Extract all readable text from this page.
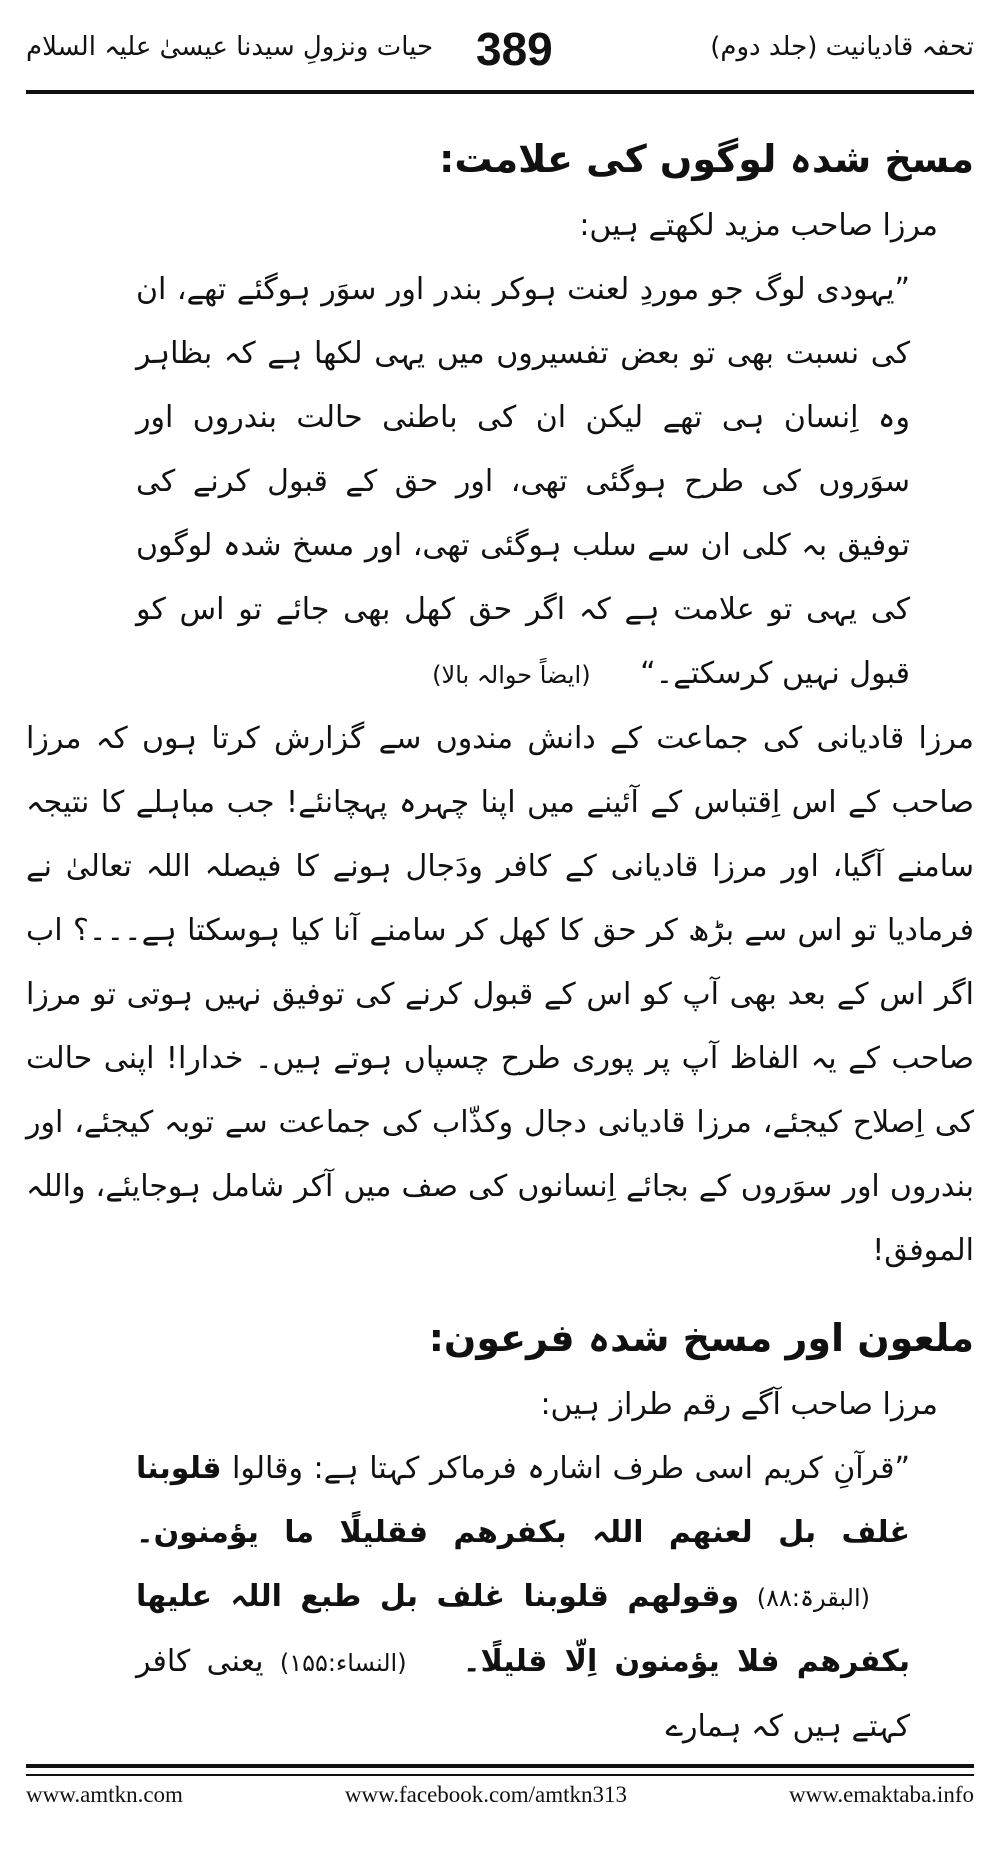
تحفہ قادیانیت (جلد دوم)
389
حیات ونزولِ سیدنا عیسیٰ علیہ السلام
مسخ شدہ لوگوں کی علامت:
مرزا صاحب مزید لکھتے ہیں:
”یہودی لوگ جو موردِ لعنت ہوکر بندر اور سوَر ہوگئے تھے، ان کی نسبت بھی تو بعض تفسیروں میں یہی لکھا ہے کہ بظاہر وہ اِنسان ہی تھے لیکن ان کی باطنی حالت بندروں اور سوَروں کی طرح ہوگئی تھی، اور حق کے قبول کرنے کی توفیق بہ کلی ان سے سلب ہوگئی تھی، اور مسخ شدہ لوگوں کی یہی تو علامت ہے کہ اگر حق کھل بھی جائے تو اس کو قبول نہیں کرسکتے۔“ (ایضاً حوالہ بالا)
مرزا قادیانی کی جماعت کے دانش مندوں سے گزارش کرتا ہوں کہ مرزا صاحب کے اس اِقتباس کے آئینے میں اپنا چہرہ پہچانئے! جب مباہلے کا نتیجہ سامنے آگیا، اور مرزا قادیانی کے کافر ودَجال ہونے کا فیصلہ اللہ تعالیٰ نے فرمادیا تو اس سے بڑھ کر حق کا کھل کر سامنے آنا کیا ہوسکتا ہے۔۔۔؟ اب اگر اس کے بعد بھی آپ کو اس کے قبول کرنے کی توفیق نہیں ہوتی تو مرزا صاحب کے یہ الفاظ آپ پر پوری طرح چسپاں ہوتے ہیں۔ خدارا! اپنی حالت کی اِصلاح کیجئے، مرزا قادیانی دجال وکذّاب کی جماعت سے توبہ کیجئے، اور بندروں اور سوَروں کے بجائے اِنسانوں کی صف میں آکر شامل ہوجایئے، واللہ الموفق!
ملعون اور مسخ شدہ فرعون:
مرزا صاحب آگے رقم طراز ہیں:
”قرآنِ کریم اسی طرف اشارہ فرماکر کہتا ہے: وقالوا قلوبنا غلف بل لعنھم اللہ بکفرھم فقلیلًا ما یؤمنون۔ (البقرۃ:۸۸) وقولھم قلوبنا غلف بل طبع اللہ علیھا بکفرھم فلا یؤمنون اِلّا قلیلًا۔ (النساء:۱۵۵) یعنی کافر کہتے ہیں کہ ہمارے
www.amtkn.com	www.facebook.com/amtkn313	www.emaktaba.info
